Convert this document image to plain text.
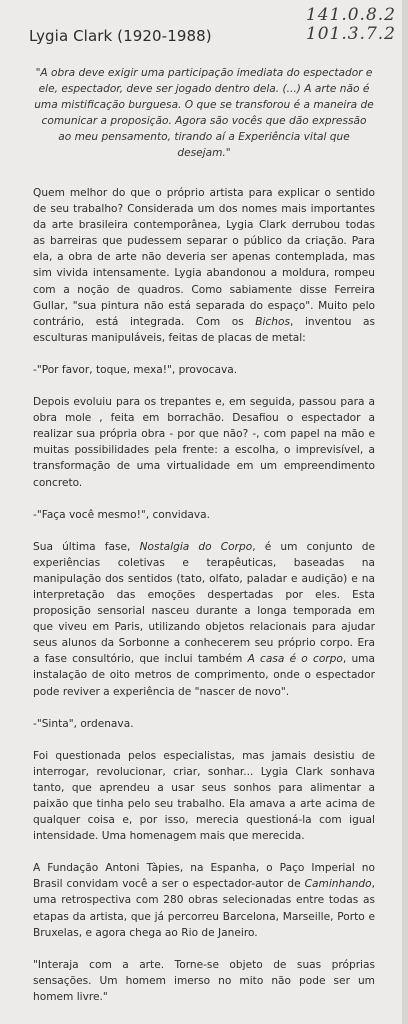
141.0.8.2
101.3.7.2
Lygia Clark (1920-1988)
"A obra deve exigir uma participação imediata do espectador e ele, espectador, deve ser jogado dentro dela. (...) A arte não é uma mistificação burguesa. O que se transforou é a maneira de comunicar a proposição. Agora são vocês que dão expressão ao meu pensamento, tirando aí a Experiência vital que desejam."

Quem melhor do que o próprio artista para explicar o sentido de seu trabalho? Considerada um dos nomes mais importantes da arte brasileira contemporânea, Lygia Clark derrubou todas as barreiras que pudessem separar o público da criação. Para ela, a obra de arte não deveria ser apenas contemplada, mas sim vivida intensamente. Lygia abandonou a moldura, rompeu com a noção de quadros. Como sabiamente disse Ferreira Gullar, "sua pintura não está separada do espaço". Muito pelo contrário, está integrada. Com os Bichos, inventou as esculturas manipuláveis, feitas de placas de metal:

-"Por favor, toque, mexa!", provocava.

Depois evoluiu para os trepantes e, em seguida, passou para a obra mole , feita em borrachão. Desafiou o espectador a realizar sua própria obra - por que não? -, com papel na mão e muitas possibilidades pela frente: a escolha, o imprevisível, a transformação de uma virtualidade em um empreendimento concreto.

-"Faça você mesmo!", convidava.

Sua última fase, Nostalgia do Corpo, é um conjunto de experiências coletivas e terapêuticas, baseadas na manipulação dos sentidos (tato, olfato, paladar e audição) e na interpretação das emoções despertadas por eles. Esta proposição sensorial nasceu durante a longa temporada em que viveu em Paris, utilizando objetos relacionais para ajudar seus alunos da Sorbonne a conhecerem seu próprio corpo. Era a fase consultório, que inclui também A casa é o corpo, uma instalação de oito metros de comprimento, onde o espectador pode reviver a experiência de "nascer de novo".

-"Sinta", ordenava.

Foi questionada pelos especialistas, mas jamais desistiu de interrogar, revolucionar, criar, sonhar... Lygia Clark sonhava tanto, que aprendeu a usar seus sonhos para alimentar a paixão que tinha pelo seu trabalho. Ela amava a arte acima de qualquer coisa e, por isso, merecia questioná-la com igual intensidade. Uma homenagem mais que merecida.

A Fundação Antoni Tàpies, na Espanha, o Paço Imperial no Brasil convidam você a ser o espectador-autor de Caminhando, uma retrospectiva com 280 obras selecionadas entre todas as etapas da artista, que já percorreu Barcelona, Marseille, Porto e Bruxelas, e agora chega ao Rio de Janeiro.

"Interaja com a arte. Torne-se objeto de suas próprias sensações. Um homem imerso no mito não pode ser um homem livre."
